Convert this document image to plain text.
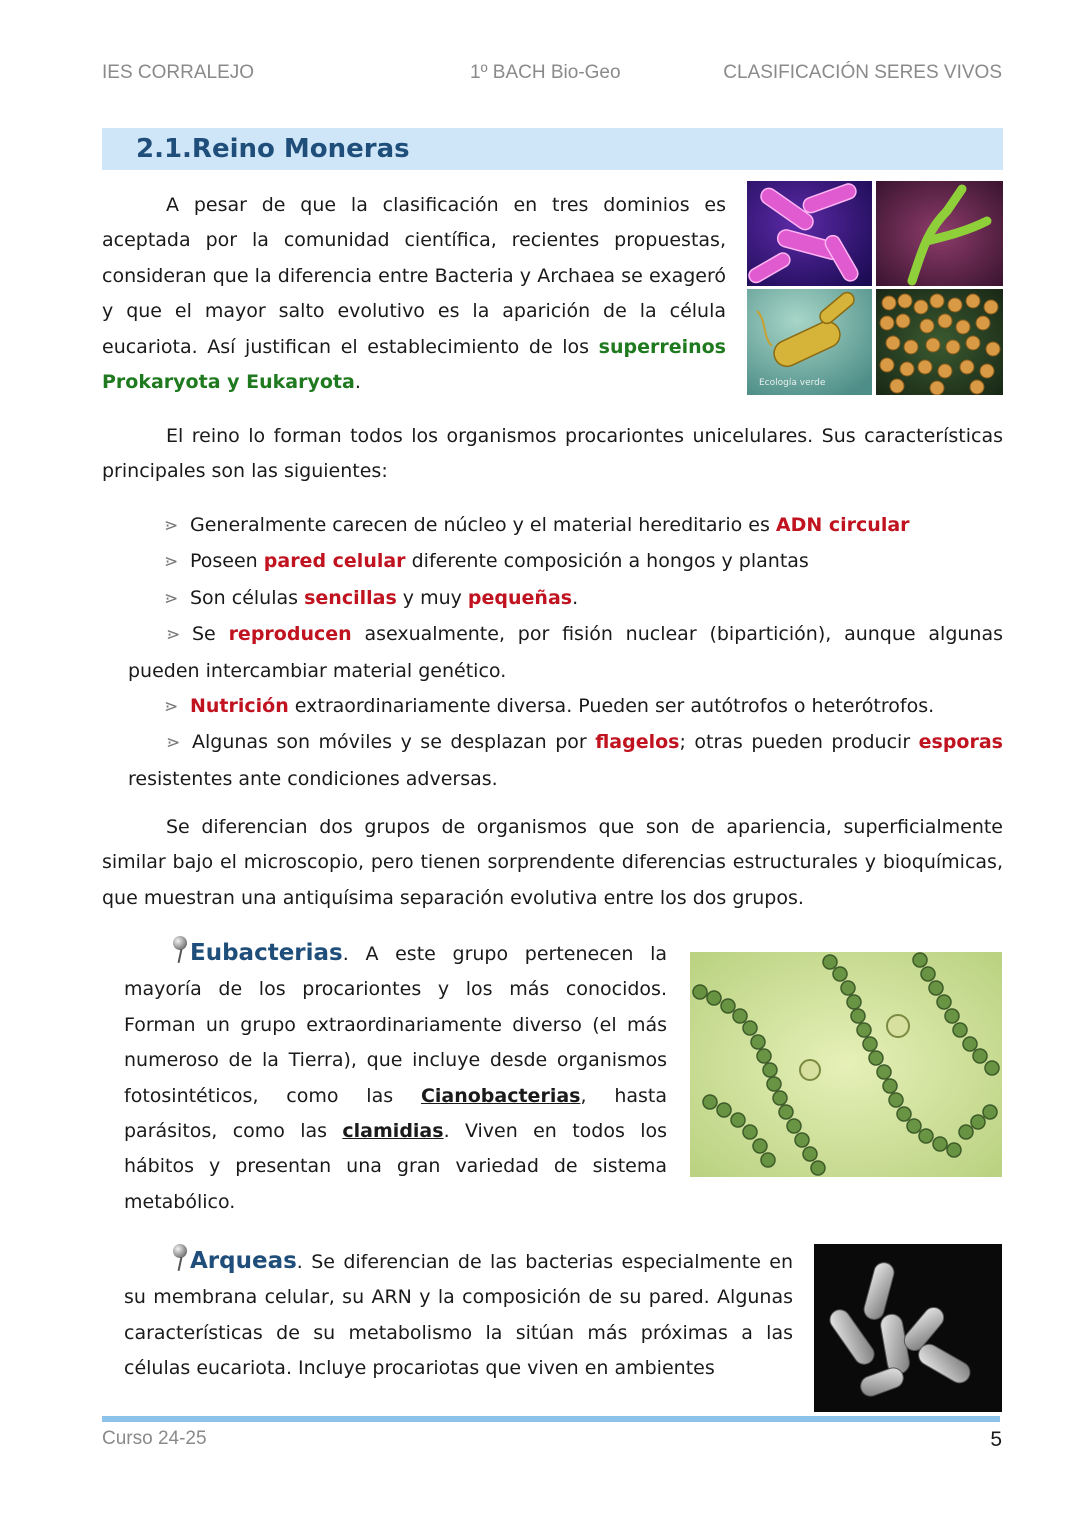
IES CORRALEJO	1º BACH Bio-Geo	CLASIFICACIÓN SERES VIVOS
2.1.Reino Moneras

A pesar de que la clasificación en tres dominios es aceptada por la comunidad científica, recientes propuestas, consideran que la diferencia entre Bacteria y Archaea se exageró y que el mayor salto evolutivo es la aparición de la célula eucariota. Así justifican el establecimiento de los superreinos Prokaryota y Eukaryota.	Ecología verde

El reino lo forman todos los organismos procariontes unicelulares. Sus características principales son las siguientes:

⋗ Generalmente carecen de núcleo y el material hereditario es ADN circular
⋗ Poseen pared celular diferente composición a hongos y plantas
⋗ Son células sencillas y muy pequeñas.
⋗ Se reproducen asexualmente, por fisión nuclear (bipartición), aunque algunas pueden intercambiar material genético.
⋗ Nutrición extraordinariamente diversa. Pueden ser autótrofos o heterótrofos.
⋗ Algunas son móviles y se desplazan por flagelos; otras pueden producir esporas resistentes ante condiciones adversas.

Se diferencian dos grupos de organismos que son de apariencia, superficialmente similar bajo el microscopio, pero tienen sorprendente diferencias estructurales y bioquímicas, que muestran una antiquísima separación evolutiva entre los dos grupos.

Eubacterias. A este grupo pertenecen la mayoría de los procariontes y los más conocidos. Forman un grupo extraordinariamente diverso (el más numeroso de la Tierra), que incluye desde organismos fotosintéticos, como las Cianobacterias, hasta parásitos, como las clamidias. Viven en todos los hábitos y presentan una gran variedad de sistema metabólico.

Arqueas. Se diferencian de las bacterias especialmente en su membrana celular, su ARN y la composición de su pared. Algunas características de su metabolismo la sitúan más próximas a las células eucariota. Incluye procariotas que viven en ambientes

Curso 24-25	5
